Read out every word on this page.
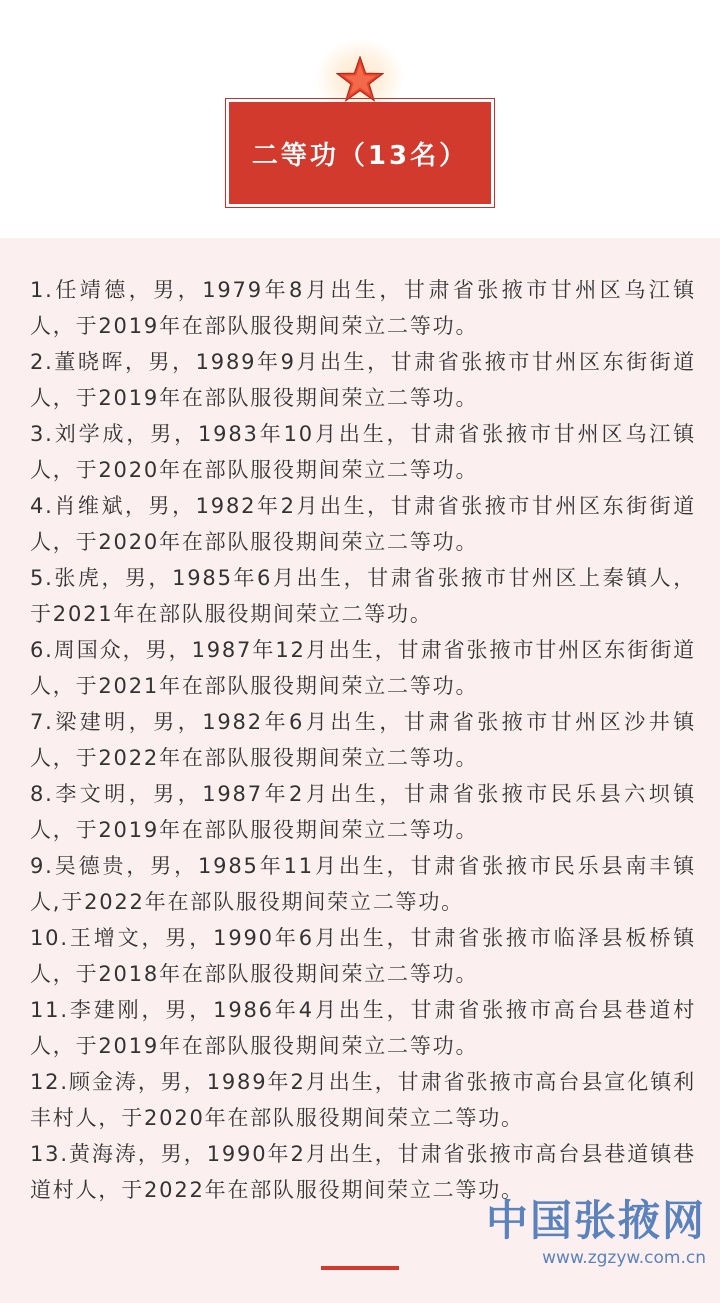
二等功（13名）
1.任靖德，男，1979年8月出生，甘肃省张掖市甘州区乌江镇人，于2019年在部队服役期间荣立二等功。
2.董晓晖，男，1989年9月出生，甘肃省张掖市甘州区东街街道人，于2019年在部队服役期间荣立二等功。
3.刘学成，男，1983年10月出生，甘肃省张掖市甘州区乌江镇人，于2020年在部队服役期间荣立二等功。
4.肖维斌，男，1982年2月出生，甘肃省张掖市甘州区东街街道人，于2020年在部队服役期间荣立二等功。
5.张虎，男，1985年6月出生，甘肃省张掖市甘州区上秦镇人，于2021年在部队服役期间荣立二等功。
6.周国众，男，1987年12月出生，甘肃省张掖市甘州区东街街道人，于2021年在部队服役期间荣立二等功。
7.梁建明，男，1982年6月出生，甘肃省张掖市甘州区沙井镇人，于2022年在部队服役期间荣立二等功。
8.李文明，男，1987年2月出生，甘肃省张掖市民乐县六坝镇人，于2019年在部队服役期间荣立二等功。
9.吴德贵，男，1985年11月出生，甘肃省张掖市民乐县南丰镇人,于2022年在部队服役期间荣立二等功。
10.王增文，男，1990年6月出生，甘肃省张掖市临泽县板桥镇人，于2018年在部队服役期间荣立二等功。
11.李建刚，男，1986年4月出生，甘肃省张掖市高台县巷道村人，于2019年在部队服役期间荣立二等功。
12.顾金涛，男，1989年2月出生，甘肃省张掖市高台县宣化镇利丰村人，于2020年在部队服役期间荣立二等功。
13.黄海涛，男，1990年2月出生，甘肃省张掖市高台县巷道镇巷道村人，于2022年在部队服役期间荣立二等功。
中国张掖网
www.zgzyw.com.cn
